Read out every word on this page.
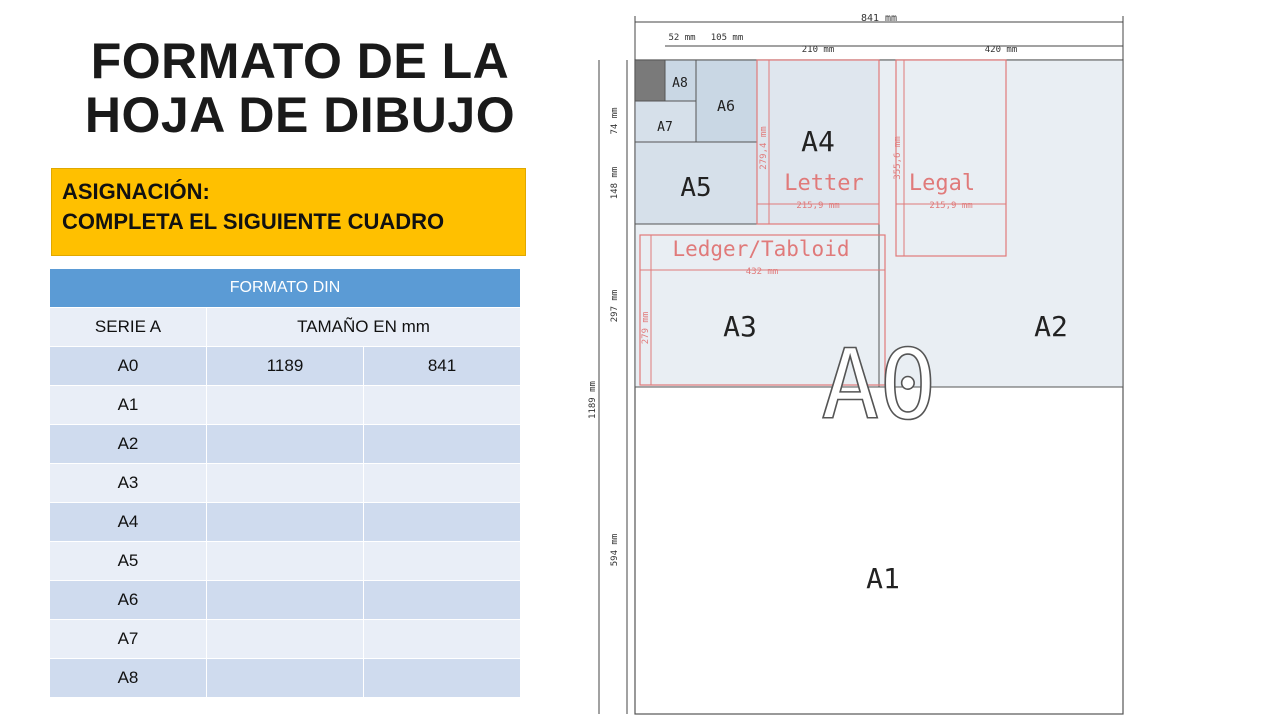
FORMATO DE LA
HOJA DE DIBUJO
ASIGNACIÓN:
COMPLETA EL SIGUIENTE CUADRO
FORMATO DIN		
SERIE A	TAMAÑO EN mm	
A0	1189	841
A1		
A2		
A3		
A4		
A5		
A6		
A7		
A8		
841 mm
52 mm 105 mm
210 mm	420 mm
74 mm
148 mm
297 mm
594 mm
1189 mm
279,4 mm	355,6 mm
215,9 mm	215,9 mm
432 mm
279 mm
A8
A6
A7
A5
A4
Letter Legal
Ledger/Tabloid
A3	A2
A0
A1
